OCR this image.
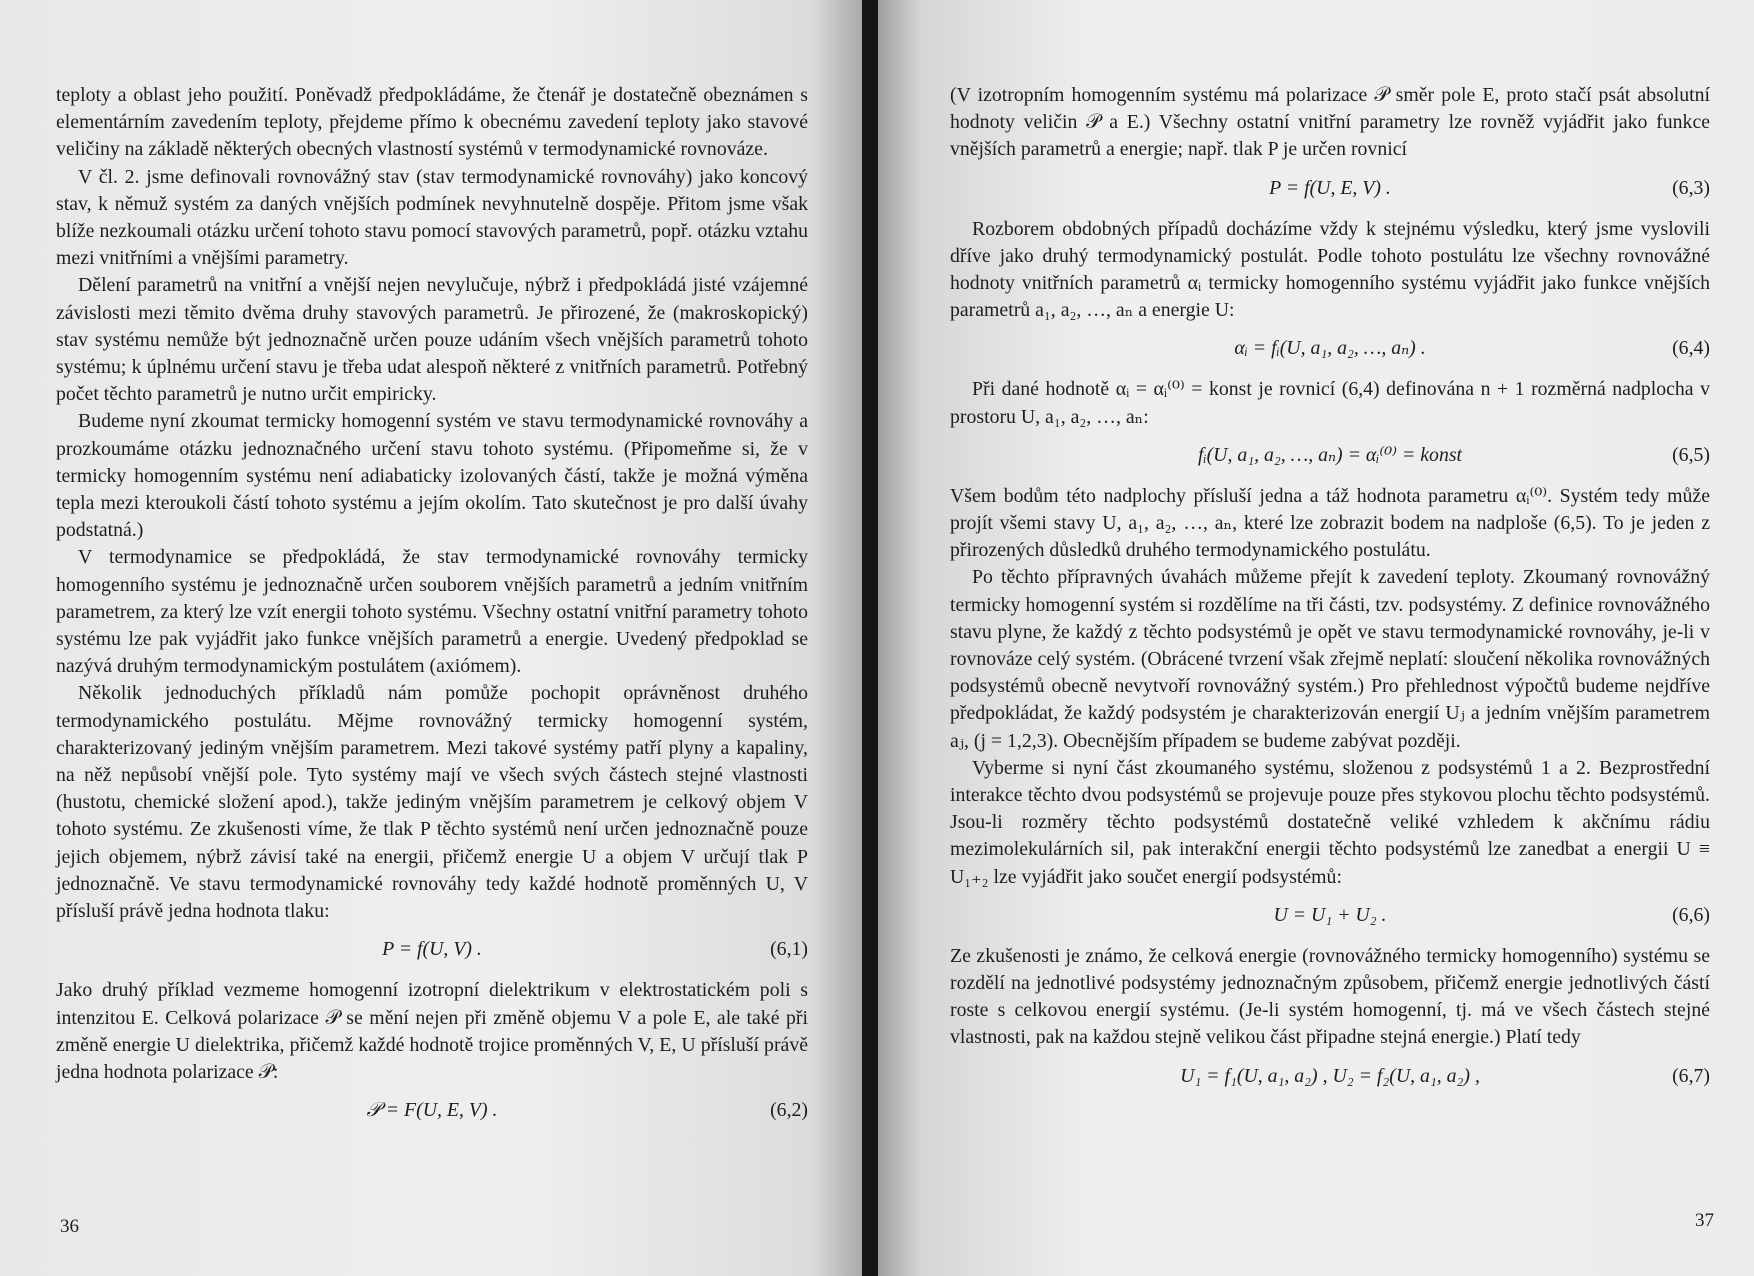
teploty a oblast jeho použití. Poněvadž předpokládáme, že čtenář je dostatečně obeznámen s elementárním zavedením teploty, přejdeme přímo k obecnému zavedení teploty jako stavové veličiny na základě některých obecných vlastností systémů v termodynamické rovnováze.

V čl. 2. jsme definovali rovnovážný stav (stav termodynamické rovnováhy) jako koncový stav, k němuž systém za daných vnějších podmínek nevyhnutelně dospěje. Přitom jsme však blíže nezkoumali otázku určení tohoto stavu pomocí stavových parametrů, popř. otázku vztahu mezi vnitřními a vnějšími parametry.

Dělení parametrů na vnitřní a vnější nejen nevylučuje, nýbrž i předpokládá jisté vzájemné závislosti mezi těmito dvěma druhy stavových parametrů. Je přirozené, že (makroskopický) stav systému nemůže být jednoznačně určen pouze udáním všech vnějších parametrů tohoto systému; k úplnému určení stavu je třeba udat alespoň některé z vnitřních parametrů. Potřebný počet těchto parametrů je nutno určit empiricky.

Budeme nyní zkoumat termicky homogenní systém ve stavu termodynamické rovnováhy a prozkoumáme otázku jednoznačného určení stavu tohoto systému. (Připomeňme si, že v termicky homogenním systému není adiabaticky izolovaných částí, takže je možná výměna tepla mezi kteroukoli částí tohoto systému a jejím okolím. Tato skutečnost je pro další úvahy podstatná.)

V termodynamice se předpokládá, že stav termodynamické rovnováhy termicky homogenního systému je jednoznačně určen souborem vnějších parametrů a jedním vnitřním parametrem, za který lze vzít energii tohoto systému. Všechny ostatní vnitřní parametry tohoto systému lze pak vyjádřit jako funkce vnějších parametrů a energie. Uvedený předpoklad se nazývá druhým termodynamickým postulátem (axiómem).

Několik jednoduchých příkladů nám pomůže pochopit oprávněnost druhého termodynamického postulátu. Mějme rovnovážný termicky homogenní systém, charakterizovaný jediným vnějším parametrem. Mezi takové systémy patří plyny a kapaliny, na něž nepůsobí vnější pole. Tyto systémy mají ve všech svých částech stejné vlastnosti (hustotu, chemické složení apod.), takže jediným vnějším parametrem je celkový objem V tohoto systému. Ze zkušenosti víme, že tlak P těchto systémů není určen jednoznačně pouze jejich objemem, nýbrž závisí také na energii, přičemž energie U a objem V určují tlak P jednoznačně. Ve stavu termodynamické rovnováhy tedy každé hodnotě proměnných U, V přísluší právě jedna hodnota tlaku:

P = f(U, V) .	(6,1)

Jako druhý příklad vezmeme homogenní izotropní dielektrikum v elektrostatickém poli s intenzitou E. Celková polarizace 𝒫 se mění nejen při změně objemu V a pole E, ale také při změně energie U dielektrika, přičemž každé hodnotě trojice proměnných V, E, U přísluší právě jedna hodnota polarizace 𝒫:

𝒫 = F(U, E, V) .	(6,2)
36

(V izotropním homogenním systému má polarizace 𝒫 směr pole E, proto stačí psát absolutní hodnoty veličin 𝒫 a E.) Všechny ostatní vnitřní parametry lze rovněž vyjádřit jako funkce vnějších parametrů a energie; např. tlak P je určen rovnicí

P = f(U, E, V) .	(6,3)

Rozborem obdobných případů docházíme vždy k stejnému výsledku, který jsme vyslovili dříve jako druhý termodynamický postulát. Podle tohoto postulátu lze všechny rovnovážné hodnoty vnitřních parametrů αᵢ termicky homogenního systému vyjádřit jako funkce vnějších parametrů a₁, a₂, …, aₙ a energie U:

αᵢ = fᵢ(U, a₁, a₂, …, aₙ) .	(6,4)

Při dané hodnotě αᵢ = αᵢ⁽⁰⁾ = konst je rovnicí (6,4) definována n + 1 rozměrná nadplocha v prostoru U, a₁, a₂, …, aₙ:

fᵢ(U, a₁, a₂, …, aₙ) = αᵢ⁽⁰⁾ = konst	(6,5)

Všem bodům této nadplochy přísluší jedna a táž hodnota parametru αᵢ⁽⁰⁾. Systém tedy může projít všemi stavy U, a₁, a₂, …, aₙ, které lze zobrazit bodem na nadploše (6,5). To je jeden z přirozených důsledků druhého termodynamického postulátu.

Po těchto přípravných úvahách můžeme přejít k zavedení teploty. Zkoumaný rovnovážný termicky homogenní systém si rozdělíme na tři části, tzv. podsystémy. Z definice rovnovážného stavu plyne, že každý z těchto podsystémů je opět ve stavu termodynamické rovnováhy, je-li v rovnováze celý systém. (Obrácené tvrzení však zřejmě neplatí: sloučení několika rovnovážných podsystémů obecně nevytvoří rovnovážný systém.) Pro přehlednost výpočtů budeme nejdříve předpokládat, že každý podsystém je charakterizován energií Uⱼ a jedním vnějším parametrem aⱼ, (j = 1,2,3). Obecnějším případem se budeme zabývat později.

Vyberme si nyní část zkoumaného systému, složenou z podsystémů 1 a 2. Bezprostřední interakce těchto dvou podsystémů se projevuje pouze přes stykovou plochu těchto podsystémů. Jsou-li rozměry těchto podsystémů dostatečně veliké vzhledem k akčnímu rádiu mezimolekulárních sil, pak interakční energii těchto podsystémů lze zanedbat a energii U ≡ U₁₊₂ lze vyjádřit jako součet energií podsystémů:

U = U₁ + U₂ .	(6,6)

Ze zkušenosti je známo, že celková energie (rovnovážného termicky homogenního) systému se rozdělí na jednotlivé podsystémy jednoznačným způsobem, přičemž energie jednotlivých částí roste s celkovou energií systému. (Je-li systém homogenní, tj. má ve všech částech stejné vlastnosti, pak na každou stejně velikou část připadne stejná energie.) Platí tedy

U₁ = f₁(U, a₁, a₂) , U₂ = f₂(U, a₁, a₂) ,	(6,7)
37
